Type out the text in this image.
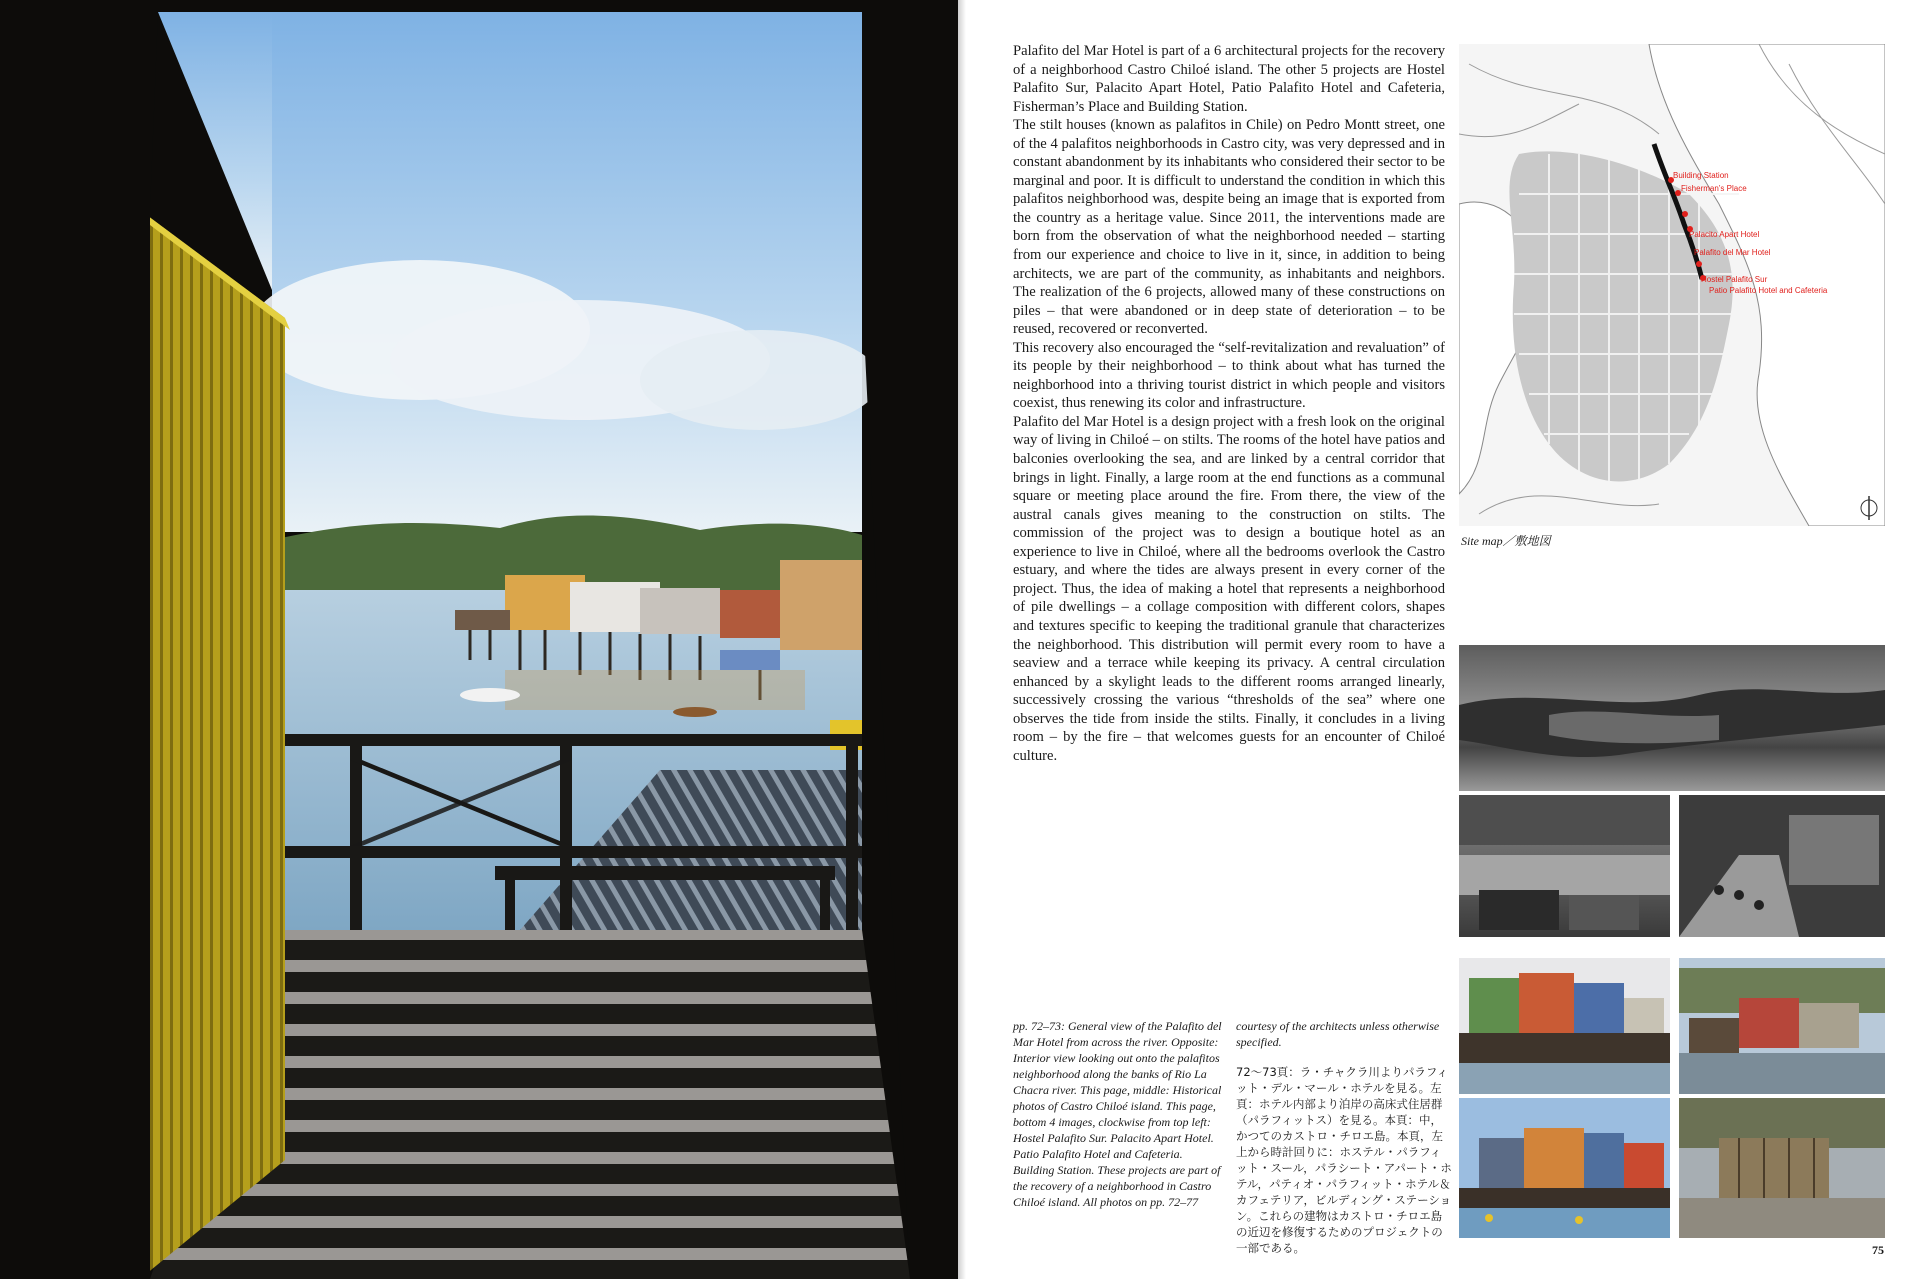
Palafito del Mar Hotel is part of a 6 architectural projects for the recovery of a neighborhood Castro Chiloé island. The other 5 projects are Hostel Palafito Sur, Palacito Apart Hotel, Patio Palafito Hotel and Cafeteria, Fisherman’s Place and Building Station.

The stilt houses (known as palafitos in Chile) on Pedro Montt street, one of the 4 palafitos neighborhoods in Castro city, was very depressed and in constant abandonment by its inhabitants who considered their sector to be marginal and poor. It is difficult to understand the condition in which this palafitos neighborhood was, despite being an image that is exported from the country as a heritage value. Since 2011, the interventions made are born from the observation of what the neighborhood needed – starting from our experience and choice to live in it, since, in addition to being architects, we are part of the community, as inhabitants and neighbors. The realization of the 6 projects, allowed many of these constructions on piles – that were abandoned or in deep state of deterioration – to be reused, recovered or reconverted.

This recovery also encouraged the “self-revitalization and revaluation” of its people by their neighborhood – to think about what has turned the neighborhood into a thriving tourist district in which people and visitors coexist, thus renewing its color and infrastructure.

Palafito del Mar Hotel is a design project with a fresh look on the original way of living in Chiloé – on stilts. The rooms of the hotel have patios and balconies overlooking the sea, and are linked by a central corridor that brings in light. Finally, a large room at the end functions as a communal square or meeting place around the fire. From there, the view of the austral canals gives meaning to the construction on stilts. The commission of the project was to design a boutique hotel as an experience to live in Chiloé, where all the bedrooms overlook the Castro estuary, and where the tides are always present in every corner of the project. Thus, the idea of making a hotel that represents a neighborhood of pile dwellings – a collage composition with different colors, shapes and textures specific to keeping the traditional granule that characterizes the neighborhood. This distribution will permit every room to have a seaview and a terrace while keeping its privacy. A central circulation enhanced by a skylight leads to the different rooms arranged linearly, successively crossing the various “thresholds of the sea” where one observes the tide from inside the stilts. Finally, it concludes in a living room – by the fire – that welcomes guests for an encounter of Chiloé culture.

Building Station
Fisherman’s Place
Palacito Apart Hotel
Palafito del Mar Hotel
Hostel Palafito Sur
Patio Palafito Hotel and Cafeteria
Site map／敷地図
pp. 72–73: General view of the Palafito del Mar Hotel from across the river. Opposite: Interior view looking out onto the palafitos neighborhood along the banks of Rio La Chacra river. This page, middle: Historical photos of Castro Chiloé island. This page, bottom 4 images, clockwise from top left: Hostel Palafito Sur. Palacito Apart Hotel. Patio Palafito Hotel and Cafeteria. Building Station. These projects are part of the recovery of a neighborhood in Castro Chiloé island. All photos on pp. 72–77
courtesy of the architects unless otherwise specified.
72～73頁：ラ・チャクラ川よりパラフィット・デル・マール・ホテルを見る。左頁：ホテル内部より泊岸の高床式住居群（パラフィットス）を見る。本頁：中，かつてのカストロ・チロエ島。本頁，左上から時計回りに：ホステル・パラフィット・スール，パラシート・アパート・ホテル，パティオ・パラフィット・ホテル＆カフェテリア，ビルディング・ステーション。これらの建物はカストロ・チロエ島の近辺を修復するためのプロジェクトの一部である。	75
